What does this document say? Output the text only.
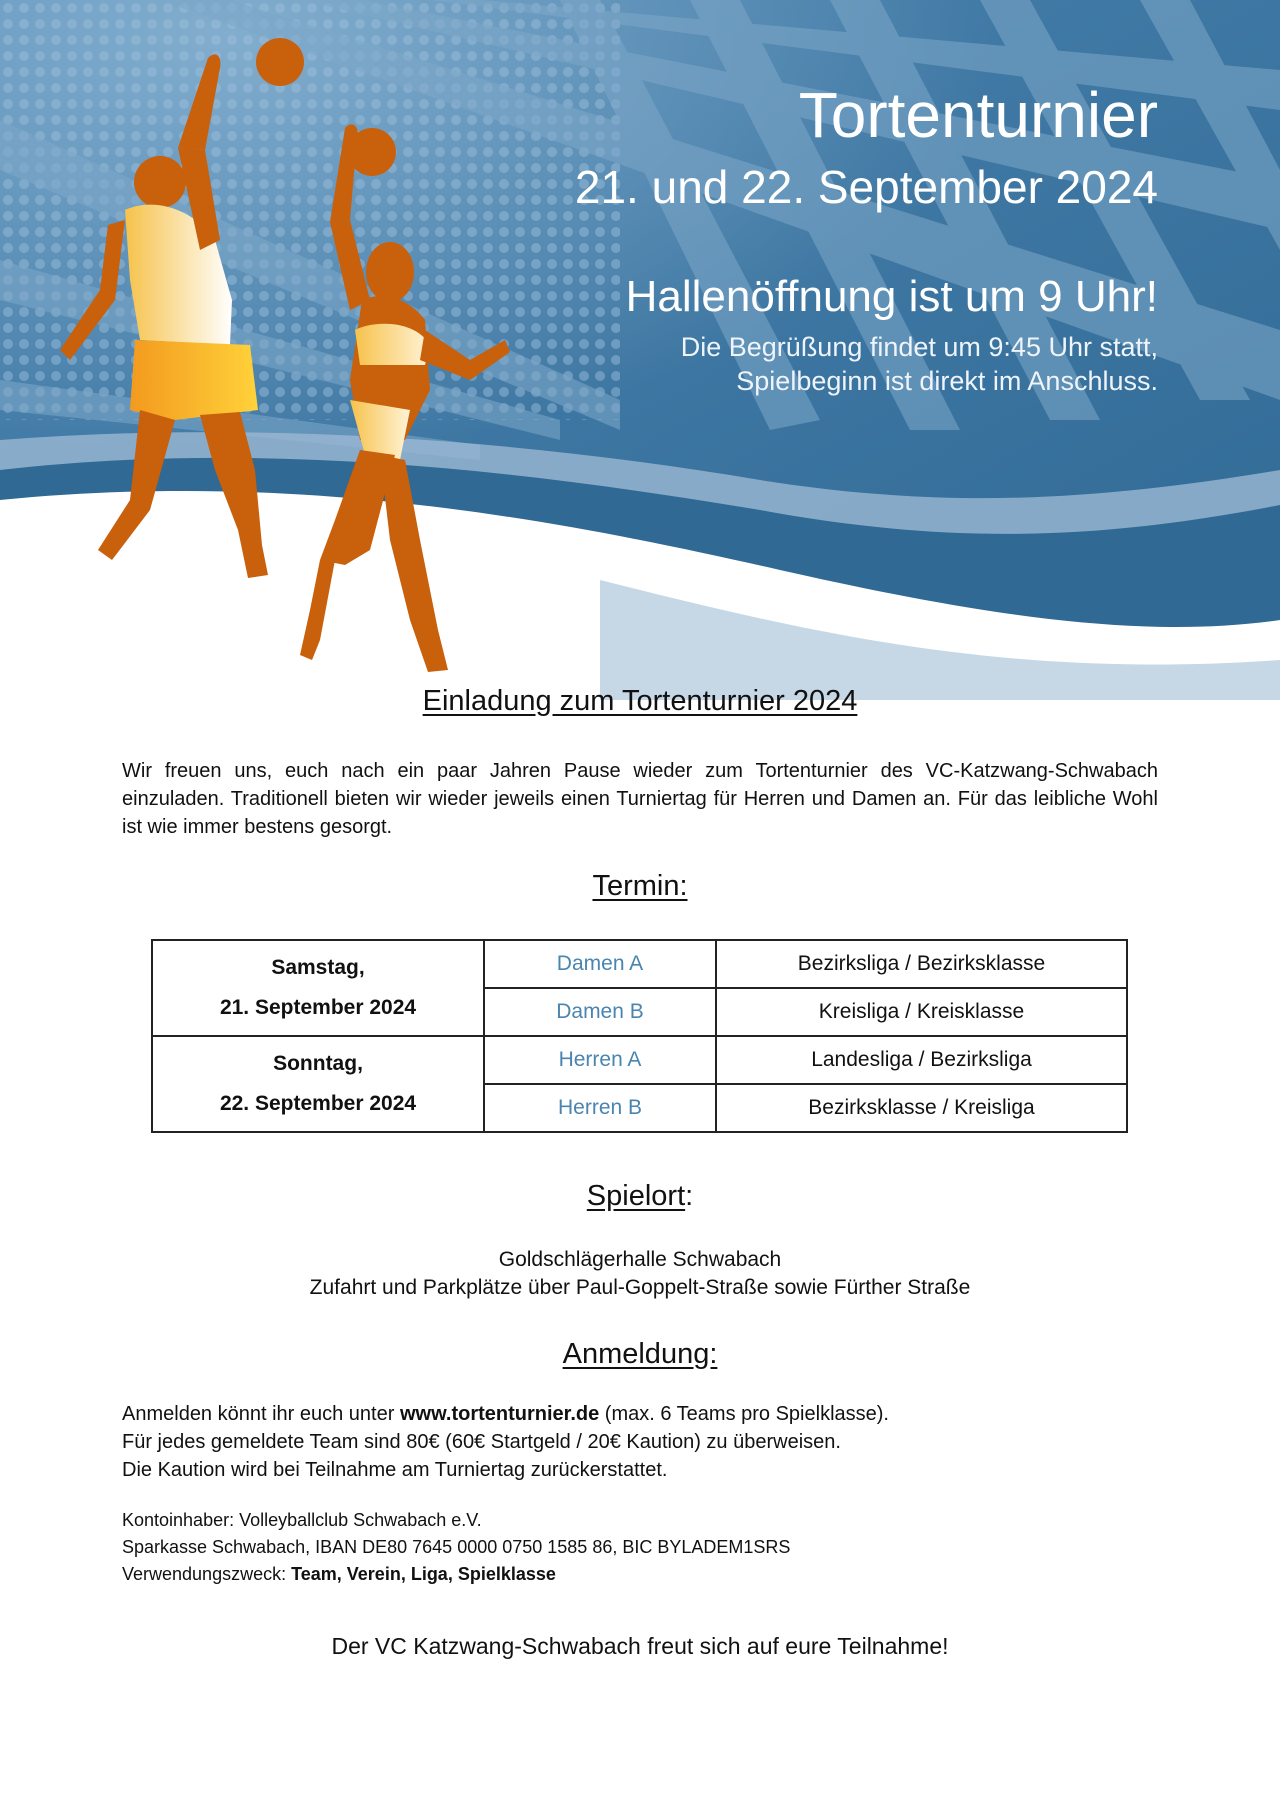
Tortenturnier
21. und 22. September 2024
Hallenöffnung ist um 9 Uhr!
Die Begrüßung findet um 9:45 Uhr statt,
Spielbeginn ist direkt im Anschluss.
Einladung zum Tortenturnier 2024
Wir freuen uns, euch nach ein paar Jahren Pause wieder zum Tortenturnier des VC-Katzwang-Schwabach einzuladen. Traditionell bieten wir wieder jeweils einen Turniertag für Herren und Damen an. Für das leibliche Wohl ist wie immer bestens gesorgt.
Termin:
Samstag,
21. September 2024	Damen A	Bezirksliga / Bezirksklasse
	Damen B	Kreisliga / Kreisklasse

Sonntag,
22. September 2024	Herren A	Landesliga / Bezirksliga
	Herren B	Bezirksklasse / Kreisliga
Spielort:
Goldschlägerhalle Schwabach
Zufahrt und Parkplätze über Paul-Goppelt-Straße sowie Fürther Straße
Anmeldung:
Anmelden könnt ihr euch unter www.tortenturnier.de (max. 6 Teams pro Spielklasse).
Für jedes gemeldete Team sind 80€ (60€ Startgeld / 20€ Kaution) zu überweisen.
Die Kaution wird bei Teilnahme am Turniertag zurückerstattet.
Kontoinhaber: Volleyballclub Schwabach e.V.
Sparkasse Schwabach, IBAN DE80 7645 0000 0750 1585 86, BIC BYLADEM1SRS
Verwendungszweck: Team, Verein, Liga, Spielklasse
Der VC Katzwang-Schwabach freut sich auf eure Teilnahme!
